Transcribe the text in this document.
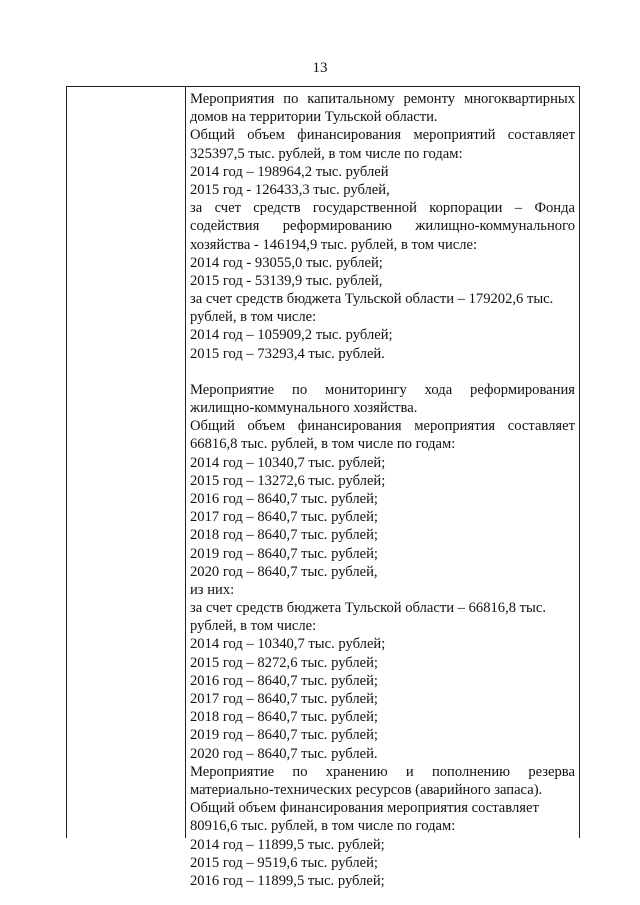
13
Мероприятия по капитальному ремонту многоквартирных
домов на территории Тульской области.
Общий объем финансирования мероприятий составляет
325397,5 тыс. рублей, в том числе по годам:
2014 год – 198964,2 тыс. рублей
2015 год - 126433,3 тыс. рублей,
за счет средств государственной корпорации – Фонда
содействия реформированию жилищно-коммунального
хозяйства - 146194,9 тыс. рублей, в том числе:
2014 год - 93055,0 тыс. рублей;
2015 год - 53139,9 тыс. рублей,
за счет средств бюджета Тульской области – 179202,6 тыс.
рублей, в том числе:
2014 год – 105909,2 тыс. рублей;
2015 год – 73293,4 тыс. рублей.
Мероприятие по мониторингу хода реформирования
жилищно-коммунального хозяйства.
Общий объем финансирования мероприятия составляет
66816,8 тыс. рублей, в том числе по годам:
2014 год – 10340,7 тыс. рублей;
2015 год – 13272,6 тыс. рублей;
2016 год – 8640,7 тыс. рублей;
2017 год – 8640,7 тыс. рублей;
2018 год – 8640,7 тыс. рублей;
2019 год – 8640,7 тыс. рублей;
2020 год – 8640,7 тыс. рублей,
из них:
за счет средств бюджета Тульской области – 66816,8 тыс.
рублей, в том числе:
2014 год – 10340,7 тыс. рублей;
2015 год – 8272,6 тыс. рублей;
2016 год – 8640,7 тыс. рублей;
2017 год – 8640,7 тыс. рублей;
2018 год – 8640,7 тыс. рублей;
2019 год – 8640,7 тыс. рублей;
2020 год – 8640,7 тыс. рублей.
Мероприятие по хранению и пополнению резерва
материально-технических ресурсов (аварийного запаса).
Общий объем финансирования мероприятия составляет
80916,6 тыс. рублей, в том числе по годам:
2014 год – 11899,5 тыс. рублей;
2015 год – 9519,6 тыс. рублей;
2016 год – 11899,5 тыс. рублей;
